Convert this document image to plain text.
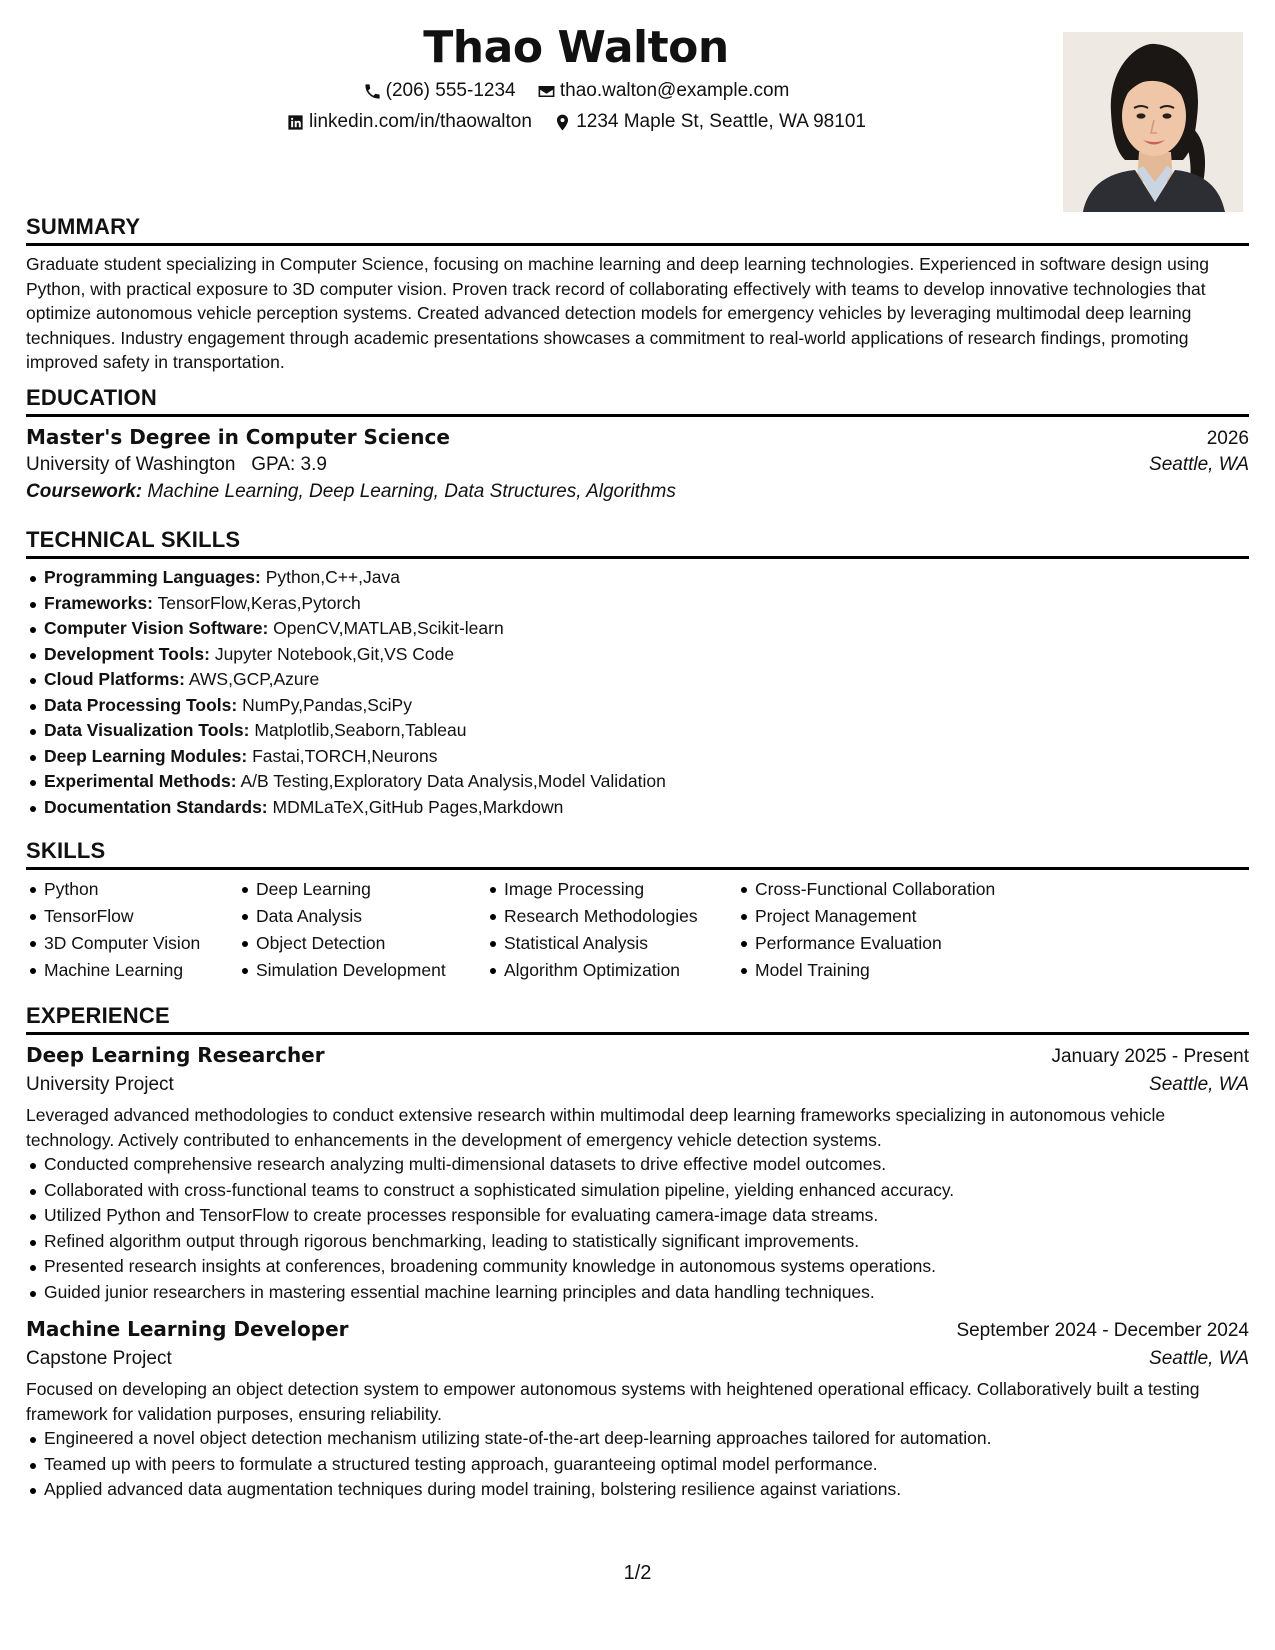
Thao Walton
(206) 555-1234
thao.walton@example.com
linkedin.com/in/thaowalton
1234 Maple St, Seattle, WA 98101
SUMMARY

Graduate student specializing in Computer Science, focusing on machine learning and deep learning technologies. Experienced in software design using Python, with practical exposure to 3D computer vision. Proven track record of collaborating effectively with teams to develop innovative technologies that optimize autonomous vehicle perception systems. Created advanced detection models for emergency vehicles by leveraging multimodal deep learning techniques. Industry engagement through academic presentations showcases a commitment to real-world applications of research findings, promoting improved safety in transportation.

EDUCATION
Master's Degree in Computer Science	2026
University of Washington GPA: 3.9	Seattle, WA
Coursework: Machine Learning, Deep Learning, Data Structures, Algorithms
TECHNICAL SKILLS
Programming Languages: Python,C++,Java
Frameworks: TensorFlow,Keras,Pytorch
Computer Vision Software: OpenCV,MATLAB,Scikit-learn
Development Tools: Jupyter Notebook,Git,VS Code
Cloud Platforms: AWS,GCP,Azure
Data Processing Tools: NumPy,Pandas,SciPy
Data Visualization Tools: Matplotlib,Seaborn,Tableau
Deep Learning Modules: Fastai,TORCH,Neurons
Experimental Methods: A/B Testing,Exploratory Data Analysis,Model Validation
Documentation Standards: MDMLaTeX,GitHub Pages,Markdown
SKILLS
Python
TensorFlow
3D Computer Vision
Machine Learning
Deep Learning
Data Analysis
Object Detection
Simulation Development
Image Processing
Research Methodologies
Statistical Analysis
Algorithm Optimization
Cross-Functional Collaboration
Project Management
Performance Evaluation
Model Training
EXPERIENCE
Deep Learning Researcher	January 2025 - Present
University Project	Seattle, WA

Leveraged advanced methodologies to conduct extensive research within multimodal deep learning frameworks specializing in autonomous vehicle technology. Actively contributed to enhancements in the development of emergency vehicle detection systems.

Conducted comprehensive research analyzing multi-dimensional datasets to drive effective model outcomes.
Collaborated with cross-functional teams to construct a sophisticated simulation pipeline, yielding enhanced accuracy.
Utilized Python and TensorFlow to create processes responsible for evaluating camera-image data streams.
Refined algorithm output through rigorous benchmarking, leading to statistically significant improvements.
Presented research insights at conferences, broadening community knowledge in autonomous systems operations.
Guided junior researchers in mastering essential machine learning principles and data handling techniques.
Machine Learning Developer	September 2024 - December 2024
Capstone Project	Seattle, WA

Focused on developing an object detection system to empower autonomous systems with heightened operational efficacy. Collaboratively built a testing framework for validation purposes, ensuring reliability.

Engineered a novel object detection mechanism utilizing state-of-the-art deep-learning approaches tailored for automation.
Teamed up with peers to formulate a structured testing approach, guaranteeing optimal model performance.
Applied advanced data augmentation techniques during model training, bolstering resilience against variations.
1/2
